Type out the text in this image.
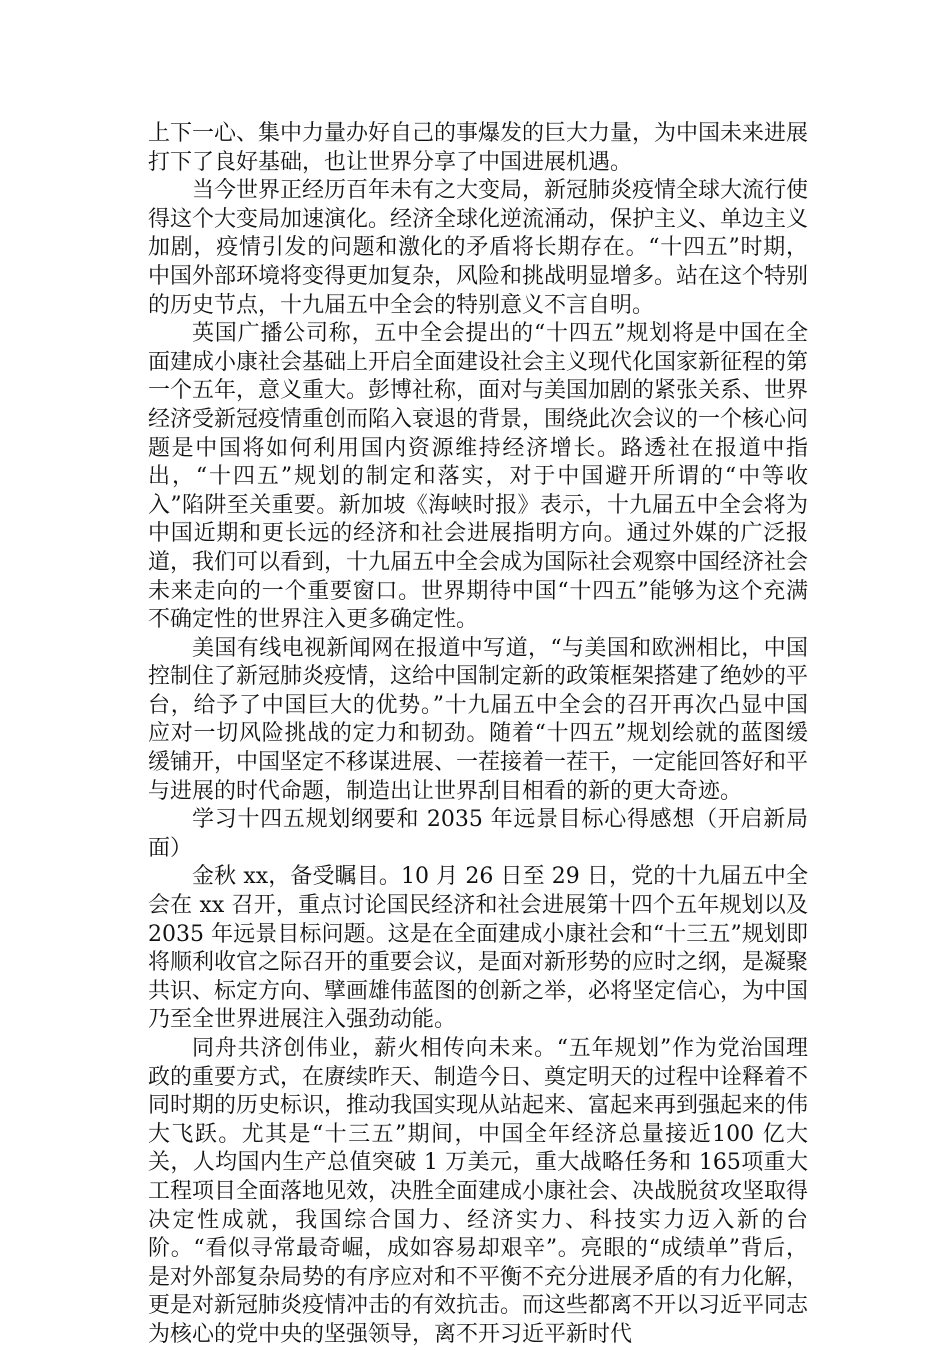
上下一心、集中力量办好自己的事爆发的巨大力量，为中国未来进展打下了良好基础，也让世界分享了中国进展机遇。

当今世界正经历百年未有之大变局，新冠肺炎疫情全球大流行使得这个大变局加速演化。经济全球化逆流涌动，保护主义、单边主义加剧，疫情引发的问题和激化的矛盾将长期存在。“十四五”时期，中国外部环境将变得更加复杂，风险和挑战明显增多。站在这个特别的历史节点，十九届五中全会的特别意义不言自明。

英国广播公司称，五中全会提出的“十四五”规划将是中国在全面建成小康社会基础上开启全面建设社会主义现代化国家新征程的第一个五年，意义重大。彭博社称，面对与美国加剧的紧张关系、世界经济受新冠疫情重创而陷入衰退的背景，围绕此次会议的一个核心问题是中国将如何利用国内资源维持经济增长。路透社在报道中指出，“十四五”规划的制定和落实，对于中国避开所谓的“中等收入”陷阱至关重要。新加坡《海峡时报》表示，十九届五中全会将为中国近期和更长远的经济和社会进展指明方向。通过外媒的广泛报道，我们可以看到，十九届五中全会成为国际社会观察中国经济社会未来走向的一个重要窗口。世界期待中国“十四五”能够为这个充满不确定性的世界注入更多确定性。

美国有线电视新闻网在报道中写道，“与美国和欧洲相比，中国控制住了新冠肺炎疫情，这给中国制定新的政策框架搭建了绝妙的平台，给予了中国巨大的优势。”十九届五中全会的召开再次凸显中国应对一切风险挑战的定力和韧劲。随着“十四五”规划绘就的蓝图缓缓铺开，中国坚定不移谋进展、一茬接着一茬干，一定能回答好和平与进展的时代命题，制造出让世界刮目相看的新的更大奇迹。

学习十四五规划纲要和 2035 年远景目标心得感想（开启新局面）

金秋 xx，备受瞩目。10 月 26 日至 29 日，党的十九届五中全会在 xx 召开，重点讨论国民经济和社会进展第十四个五年规划以及2035 年远景目标问题。这是在全面建成小康社会和“十三五”规划即将顺利收官之际召开的重要会议，是面对新形势的应时之纲，是凝聚共识、标定方向、擘画雄伟蓝图的创新之举，必将坚定信心，为中国乃至全世界进展注入强劲动能。

同舟共济创伟业，薪火相传向未来。“五年规划”作为党治国理政的重要方式，在赓续昨天、制造今日、奠定明天的过程中诠释着不同时期的历史标识，推动我国实现从站起来、富起来再到强起来的伟大飞跃。尤其是“十三五”期间，中国全年经济总量接近100 亿大关，人均国内生产总值突破 1 万美元，重大战略任务和 165项重大工程项目全面落地见效，决胜全面建成小康社会、决战脱贫攻坚取得决定性成就，我国综合国力、经济实力、科技实力迈入新的台阶。“看似寻常最奇崛，成如容易却艰辛”。亮眼的“成绩单”背后，是对外部复杂局势的有序应对和不平衡不充分进展矛盾的有力化解，更是对新冠肺炎疫情冲击的有效抗击。而这些都离不开以习近平同志为核心的党中央的坚强领导，离不开习近平新时代
